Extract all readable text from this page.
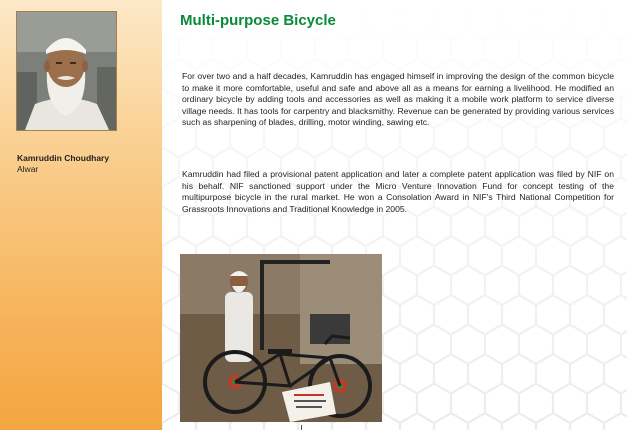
Kamruddin Choudhary
Alwar
Multi-purpose Bicycle
For over two and a half decades, Kamruddin has engaged himself in improving the design of the common bicycle to make it more comfortable, useful and safe and above all as a means for earning a livelihood. He modified an ordinary bicycle by adding tools and accessories as well as making it a mobile work platform to service diverse village needs. It has tools for carpentry and blacksmithy. Revenue can be generated by providing various services such as sharpening of blades, drilling, motor winding, sawing etc.
Kamruddin had filed a provisional patent application and later a complete patent application was filed by NIF on his behalf. NIF sanctioned support under the Micro Venture Innovation Fund for concept testing of the multipurpose bicycle in the rural market. He won a Consolation Award in NIF's Third National Competition for Grassroots Innovations and Traditional Knowledge in 2005.
